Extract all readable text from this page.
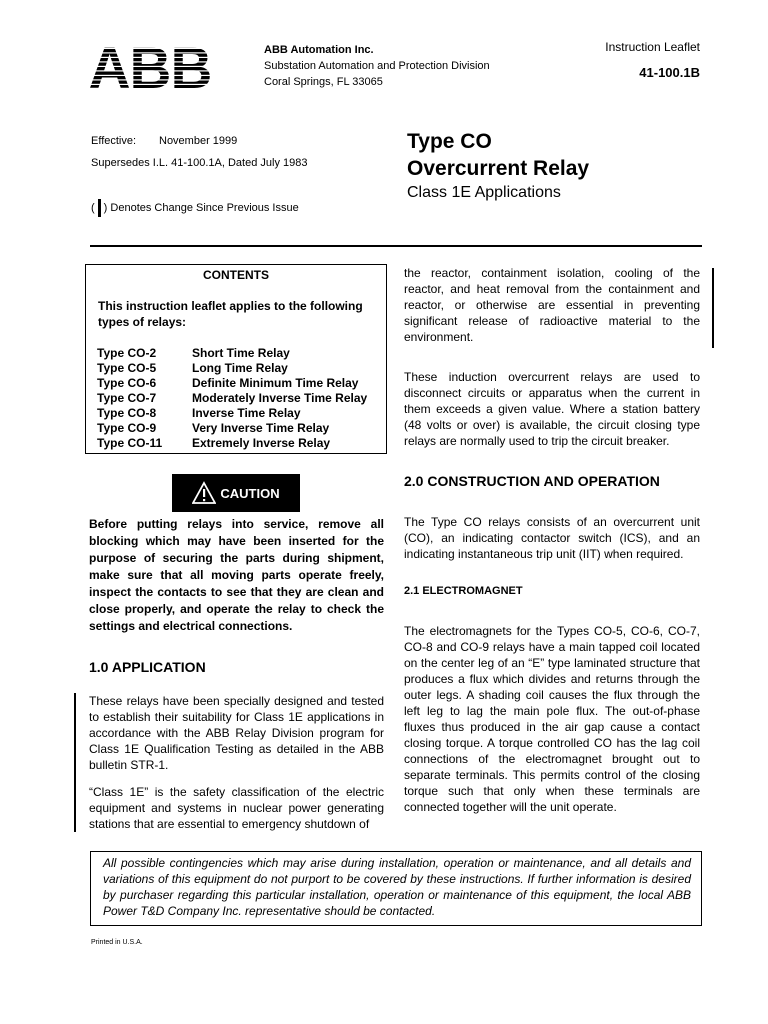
ABB	ABB Automation Inc.
Substation Automation and Protection Division
Coral Springs, FL 33065
Instruction Leaflet
41-100.1B
Effective: November 1999
Supersedes I.L. 41-100.1A, Dated July 1983
( ) Denotes Change Since Previous Issue
Type CO
Overcurrent Relay
Class 1E Applications
CONTENTS
This instruction leaflet applies to the following types of relays:
Type CO-2	Short Time Relay
Type CO-5	Long Time Relay
Type CO-6	Definite Minimum Time Relay
Type CO-7	Moderately Inverse Time Relay
Type CO-8	Inverse Time Relay
Type CO-9	Very Inverse Time Relay
Type CO-11	Extremely Inverse Relay
CAUTION
Before putting relays into service, remove all blocking which may have been inserted for the purpose of securing the parts during shipment, make sure that all moving parts operate freely, inspect the contacts to see that they are clean and close properly, and operate the relay to check the settings and electrical connections.
1.0 APPLICATION
These relays have been specially designed and tested to establish their suitability for Class 1E applications in accordance with the ABB Relay Division program for Class 1E Qualification Testing as detailed in the ABB bulletin STR-1.
“Class 1E” is the safety classification of the electric equipment and systems in nuclear power generating stations that are essential to emergency shutdown of
the reactor, containment isolation, cooling of the reactor, and heat removal from the containment and reactor, or otherwise are essential in preventing significant release of radioactive material to the environment.
These induction overcurrent relays are used to disconnect circuits or apparatus when the current in them exceeds a given value. Where a station battery (48 volts or over) is available, the circuit closing type relays are normally used to trip the circuit breaker.
2.0 CONSTRUCTION AND OPERATION
The Type CO relays consists of an overcurrent unit (CO), an indicating contactor switch (ICS), and an indicating instantaneous trip unit (IIT) when required.
2.1 ELECTROMAGNET
The electromagnets for the Types CO-5, CO-6, CO-7, CO-8 and CO-9 relays have a main tapped coil located on the center leg of an “E” type laminated structure that produces a flux which divides and returns through the outer legs. A shading coil causes the flux through the left leg to lag the main pole flux. The out-of-phase fluxes thus produced in the air gap cause a contact closing torque. A torque controlled CO has the lag coil connections of the electromagnet brought out to separate terminals. This permits control of the closing torque such that only when these terminals are connected together will the unit operate.
All possible contingencies which may arise during installation, operation or maintenance, and all details and variations of this equipment do not purport to be covered by these instructions. If further information is desired by purchaser regarding this particular installation, operation or maintenance of this equipment, the local ABB Power T&D Company Inc. representative should be contacted.
Printed in U.S.A.
